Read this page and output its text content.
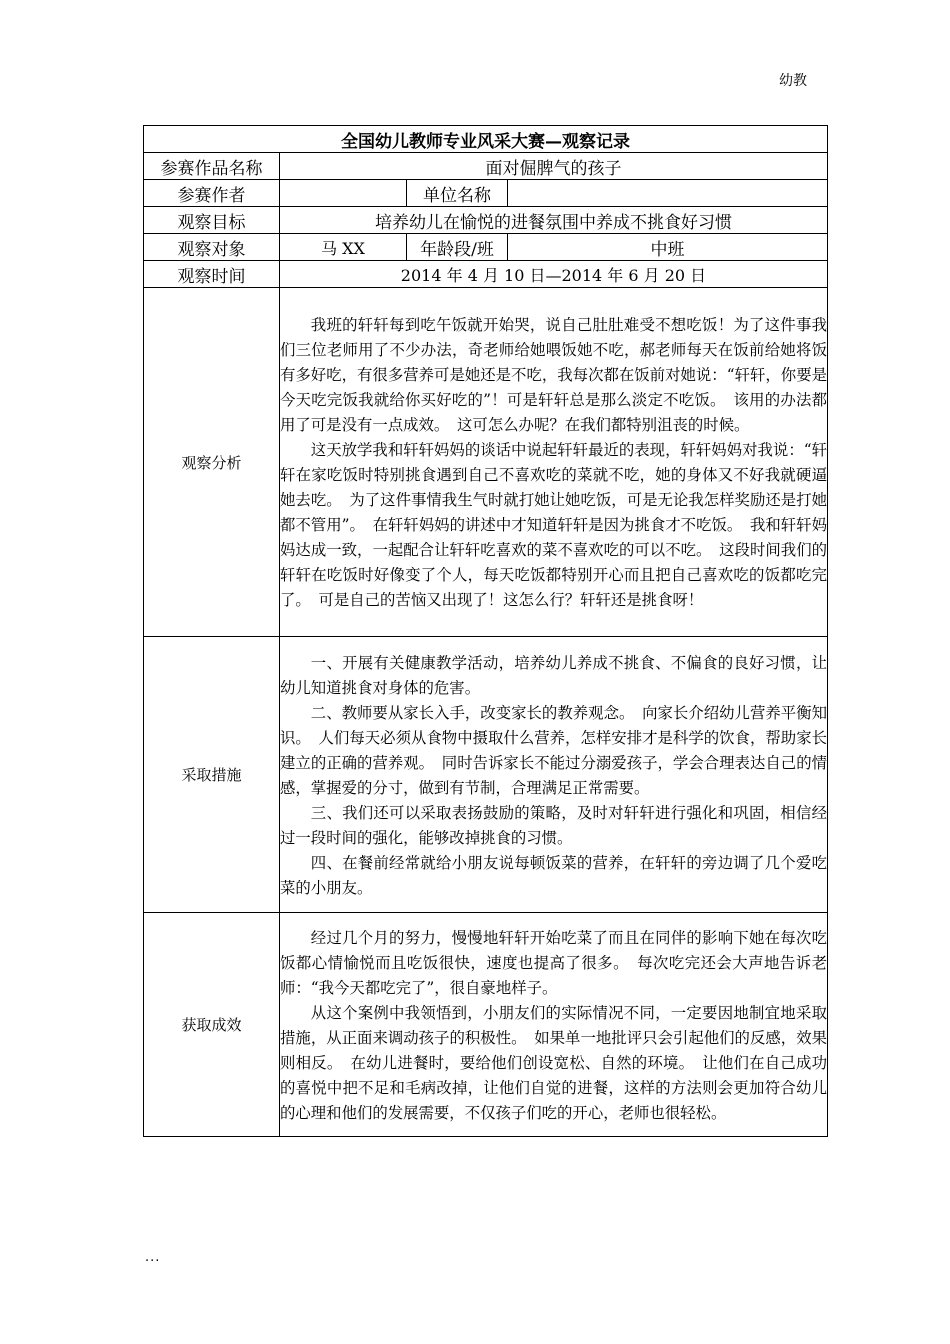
幼教
全国幼儿教师专业风采大赛—观察记录			
参赛作品名称	面对倔脾气的孩子		
参赛作者		单位名称	
观察目标	培养幼儿在愉悦的进餐氛围中养成不挑食好习惯		
观察对象	马 XX	年龄段/班	中班
观察时间	2014 年 4 月 10 日—2014 年 6 月 20 日		
观察分析	我班的轩轩每到吃午饭就开始哭，说自己肚肚难受不想吃饭！为了这件事我们三位老师用了不少办法，奇老师给她喂饭她不吃，郝老师每天在饭前给她将饭有多好吃，有很多营养可是她还是不吃，我每次都在饭前对她说：“轩轩，你要是今天吃完饭我就给你买好吃的”！可是轩轩总是那么淡定不吃饭。　该用的办法都用了可是没有一点成效。　这可怎么办呢？在我们都特别沮丧的时候。

这天放学我和轩轩妈妈的谈话中说起轩轩最近的表现，轩轩妈妈对我说：“轩轩在家吃饭时特别挑食遇到自己不喜欢吃的菜就不吃，她的身体又不好我就硬逼她去吃。　为了这件事情我生气时就打她让她吃饭，可是无论我怎样奖励还是打她都不管用”。　在轩轩妈妈的讲述中才知道轩轩是因为挑食才不吃饭。　我和轩轩妈妈达成一致，一起配合让轩轩吃喜欢的菜不喜欢吃的可以不吃。　这段时间我们的轩轩在吃饭时好像变了个人，每天吃饭都特别开心而且把自己喜欢吃的饭都吃完了。　可是自己的苦恼又出现了！这怎么行？轩轩还是挑食呀！		

采取措施	一、开展有关健康教学活动，培养幼儿养成不挑食、不偏食的良好习惯，让幼儿知道挑食对身体的危害。

二、教师要从家长入手，改变家长的教养观念。　向家长介绍幼儿营养平衡知识。　人们每天必须从食物中摄取什么营养，怎样安排才是科学的饮食，帮助家长建立的正确的营养观。　同时告诉家长不能过分溺爱孩子，学会合理表达自己的情感，掌握爱的分寸，做到有节制，合理满足正常需要。

三、我们还可以采取表扬鼓励的策略，及时对轩轩进行强化和巩固，相信经过一段时间的强化，能够改掉挑食的习惯。

四、在餐前经常就给小朋友说每顿饭菜的营养，在轩轩的旁边调了几个爱吃菜的小朋友。		

获取成效	经过几个月的努力，慢慢地轩轩开始吃菜了而且在同伴的影响下她在每次吃饭都心情愉悦而且吃饭很快，速度也提高了很多。　每次吃完还会大声地告诉老师：“我今天都吃完了”，很自豪地样子。

从这个案例中我领悟到，小朋友们的实际情况不同，一定要因地制宜地采取措施，从正面来调动孩子的积极性。　如果单一地批评只会引起他们的反感，效果则相反。　在幼儿进餐时，要给他们创设宽松、自然的环境。　让他们在自己成功的喜悦中把不足和毛病改掉，让他们自觉的进餐，这样的方法则会更加符合幼儿的心理和他们的发展需要，不仅孩子们吃的开心，老师也很轻松。		

...
